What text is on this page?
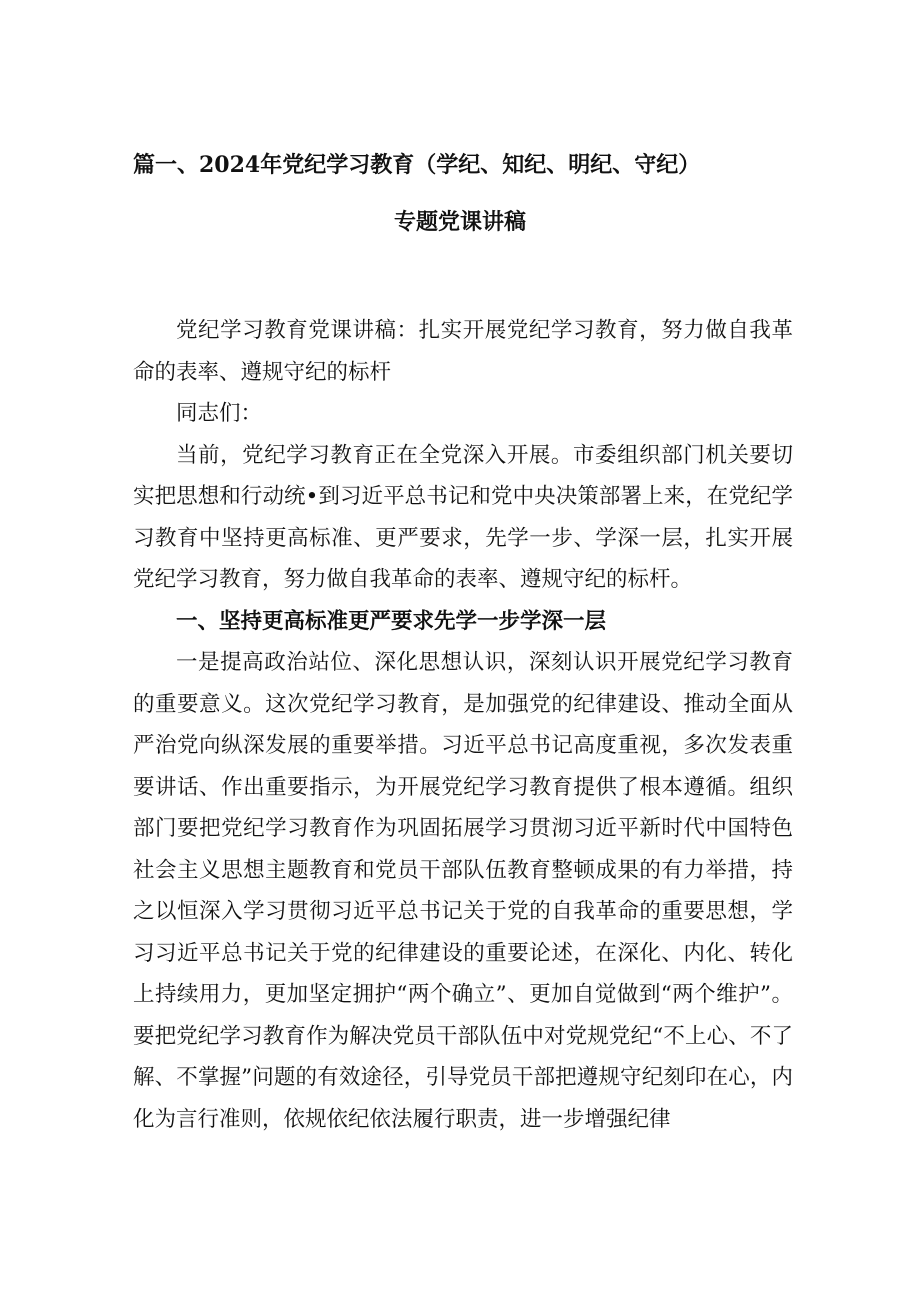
篇一、2024年党纪学习教育（学纪、知纪、明纪、守纪）
专题党课讲稿

党纪学习教育党课讲稿：扎实开展党纪学习教育，努力做自我革命的表率、遵规守纪的标杆

同志们：

当前，党纪学习教育正在全党深入开展。市委组织部门机关要切实把思想和行动统•到习近平总书记和党中央决策部署上来，在党纪学习教育中坚持更高标准、更严要求，先学一步、学深一层，扎实开展党纪学习教育，努力做自我革命的表率、遵规守纪的标杆。

一、坚持更高标准更严要求先学一步学深一层

一是提高政治站位、深化思想认识，深刻认识开展党纪学习教育的重要意义。这次党纪学习教育，是加强党的纪律建设、推动全面从严治党向纵深发展的重要举措。习近平总书记高度重视，多次发表重要讲话、作出重要指示，为开展党纪学习教育提供了根本遵循。组织部门要把党纪学习教育作为巩固拓展学习贯沏习近平新时代中国特色社会主义思想主题教育和党员干部队伍教育整顿成果的有力举措，持之以恒深入学习贯彻习近平总书记关于党的自我革命的重要思想，学习习近平总书记关于党的纪律建设的重要论述，在深化、内化、转化上持续用力，更加坚定拥护“两个确立”、更加自觉做到“两个维护”。要把党纪学习教育作为解决党员干部队伍中对党规党纪“不上心、不了解、不掌握”问题的有效途径，引导党员干部把遵规守纪刻印在心，内化为言行准则，依规依纪依法履行职责，进一步增强纪律
